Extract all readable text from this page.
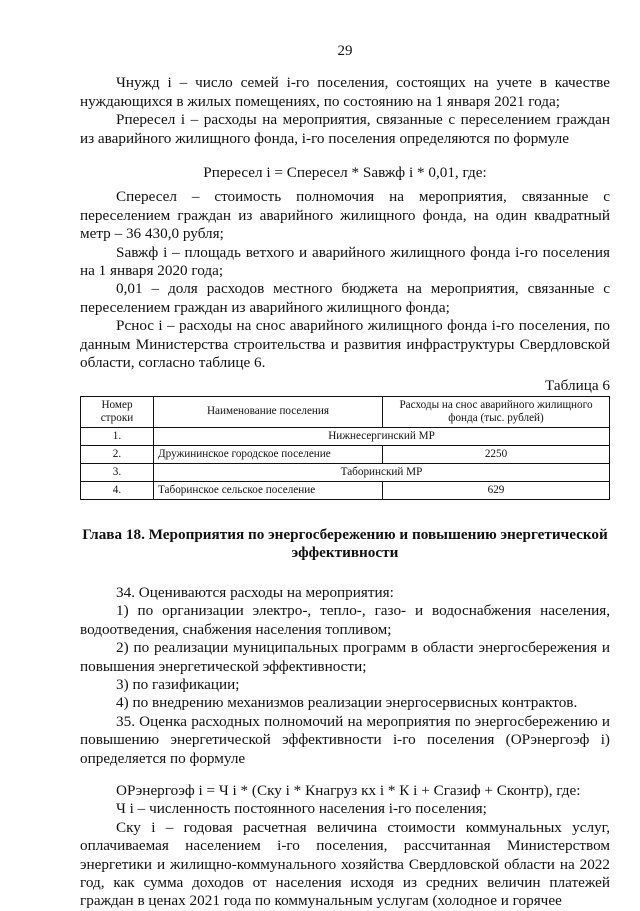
29

Чнужд i – число семей i-го поселения, состоящих на учете в качестве нуждающихся в жилых помещениях, по состоянию на 1 января 2021 года;

Рпересел i – расходы на мероприятия, связанные с переселением граждан из аварийного жилищного фонда, i-го поселения определяются по формуле

Рпересел i = Спересел * Sавжф i * 0,01, где:

Спересел – стоимость полномочия на мероприятия, связанные с переселением граждан из аварийного жилищного фонда, на один квадратный метр – 36 430,0 рубля;

Sавжф i – площадь ветхого и аварийного жилищного фонда i-го поселения на 1 января 2020 года;

0,01 – доля расходов местного бюджета на мероприятия, связанные с переселением граждан из аварийного жилищного фонда;

Рснос i – расходы на снос аварийного жилищного фонда i-го поселения, по данным Министерства строительства и развития инфраструктуры Свердловской области, согласно таблице 6.

Таблица 6
Номер строки	Наименование поселения	Расходы на снос аварийного жилищного фонда (тыс. рублей)
1.	Нижнесергинский МР	
2.	Дружининское городское поселение	2250
3.	Таборинский МР	
4.	Таборинское сельское поселение	629
Глава 18. Мероприятия по энергосбережению и повышению энергетической эффективности

34. Оцениваются расходы на мероприятия:

1) по организации электро-, тепло-, газо- и водоснабжения населения, водоотведения, снабжения населения топливом;

2) по реализации муниципальных программ в области энергосбережения и повышения энергетической эффективности;

3) по газификации;

4) по внедрению механизмов реализации энергосервисных контрактов.

35. Оценка расходных полномочий на мероприятия по энергосбережению и повышению энергетической эффективности i-го поселения (ОРэнергоэф i) определяется по формуле

ОРэнергоэф i = Ч i * (Ску i * Кнагруз кх i * К i + Сгазиф + Сконтр), где:

Ч i – численность постоянного населения i-го поселения;

Ску i – годовая расчетная величина стоимости коммунальных услуг, оплачиваемая населением i-го поселения, рассчитанная Министерством энергетики и жилищно-коммунального хозяйства Свердловской области на 2022 год, как сумма доходов от населения исходя из средних величин платежей граждан в ценах 2021 года по коммунальным услугам (холодное и горячее
